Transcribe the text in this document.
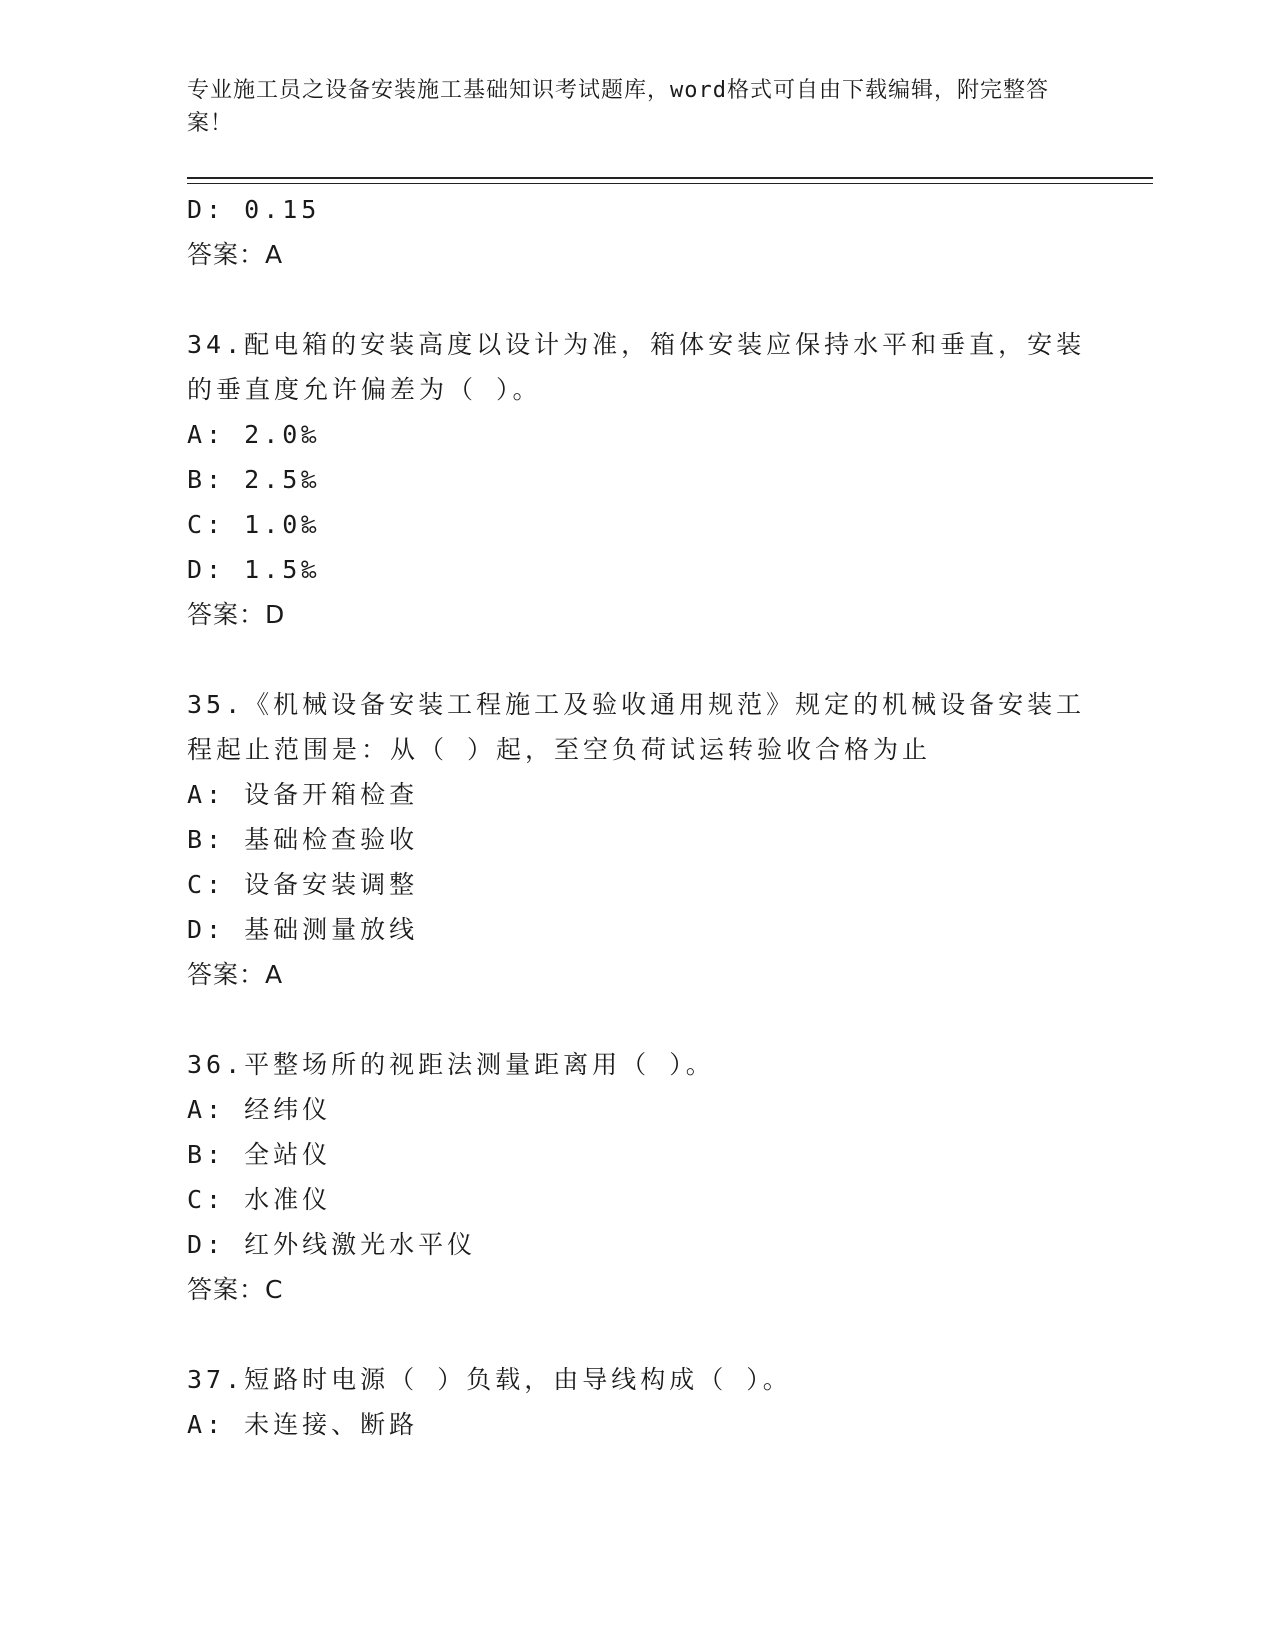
专业施工员之设备安装施工基础知识考试题库，word格式可自由下载编辑，附完整答案！
D: 0.15
答案：A
34.配电箱的安装高度以设计为准，箱体安装应保持水平和垂直，安装
的垂直度允许偏差为（ ）。
A: 2.0‰
B: 2.5‰
C: 1.0‰
D: 1.5‰
答案：D
35.《机械设备安装工程施工及验收通用规范》规定的机械设备安装工
程起止范围是：从（ ）起，至空负荷试运转验收合格为止
A: 设备开箱检查
B: 基础检查验收
C: 设备安装调整
D: 基础测量放线
答案：A
36.平整场所的视距法测量距离用（ ）。
A: 经纬仪
B: 全站仪
C: 水准仪
D: 红外线激光水平仪
答案：C
37.短路时电源（ ）负载，由导线构成（ ）。
A: 未连接、断路
